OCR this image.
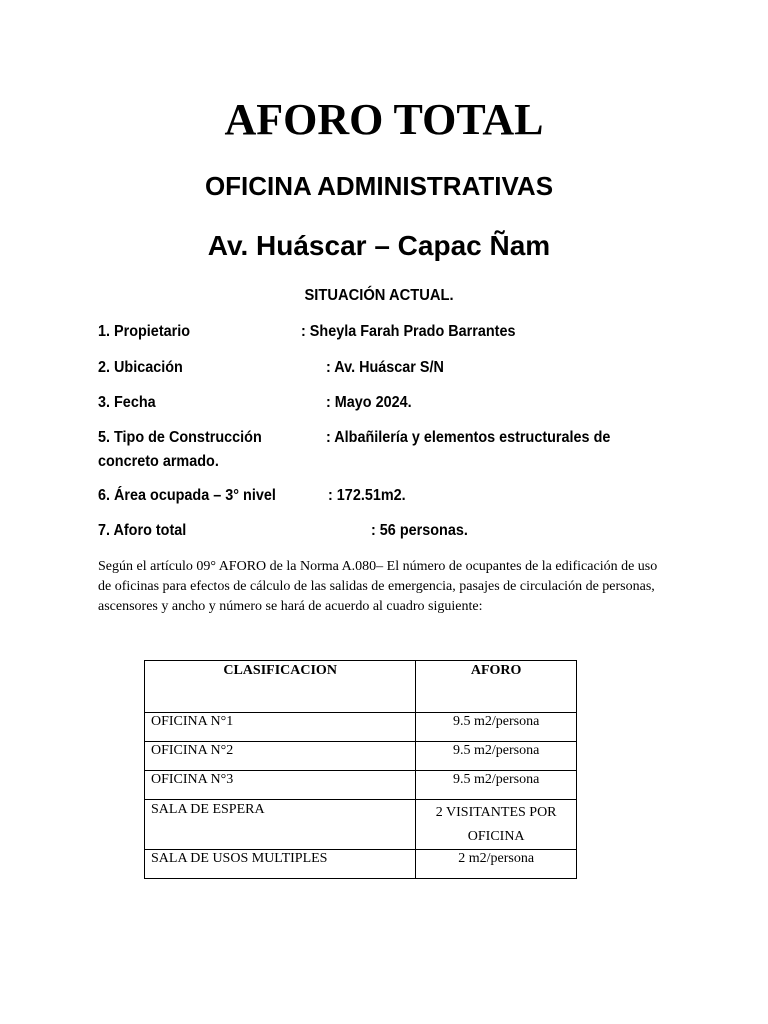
AFORO TOTAL
OFICINA ADMINISTRATIVAS
Av. Huáscar – Capac Ñam
SITUACIÓN ACTUAL.
1. Propietario	: Sheyla Farah Prado Barrantes
2. Ubicación	: Av. Huáscar S/N
3. Fecha	: Mayo 2024.
5. Tipo de Construcción	: Albañilería y elementos estructurales de
concreto armado.
6. Área ocupada – 3° nivel	: 172.51m2.
7. Aforo total	: 56 personas.

Según el artículo 09° AFORO de la Norma A.080– El número de ocupantes de la edificación de uso de oficinas para efectos de cálculo de las salidas de emergencia, pasajes de circulación de personas, ascensores y ancho y número se hará de acuerdo al cuadro siguiente:

CLASIFICACION	AFORO
OFICINA N°1	9.5 m2/persona
OFICINA N°2	9.5 m2/persona
OFICINA N°3	9.5 m2/persona
SALA DE ESPERA	2 VISITANTES POR OFICINA
SALA DE USOS MULTIPLES	2 m2/persona
